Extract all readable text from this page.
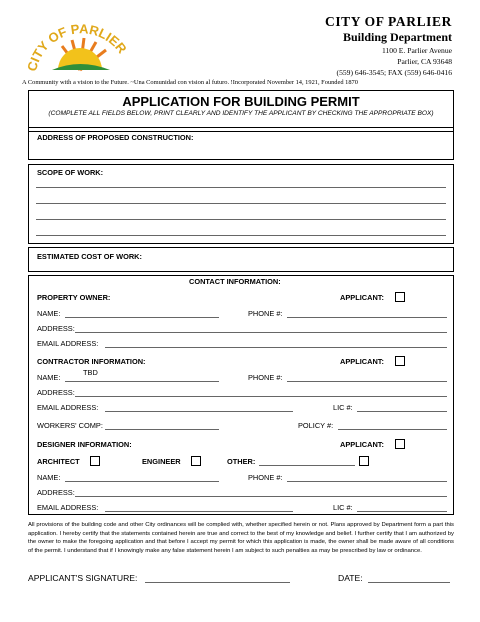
CITY OF PARLIER
CITY OF PARLIER
Building Department
1100 E. Parlier Avenue
Parlier, CA 93648
(559) 646-3545; FAX (559) 646-0416
A Community with a vision to the Future. ~Una Comunidad con vision al futuro. !Incorporated November 14, 1921, Founded 1870
APPLICATION FOR BUILDING PERMIT
(COMPLETE ALL FIELDS BELOW, PRINT CLEARLY AND IDENTIFY THE APPLICANT BY CHECKING THE APPROPRIATE BOX)
ADDRESS OF PROPOSED CONSTRUCTION:
SCOPE OF WORK:
ESTIMATED COST OF WORK:
CONTACT INFORMATION:
PROPERTY OWNER:	APPLICANT:
NAME:	PHONE #:
ADDRESS:
EMAIL ADDRESS:
CONTRACTOR INFORMATION:	APPLICANT:
TBD
NAME:	PHONE #:
ADDRESS:
EMAIL ADDRESS:	LIC #:
WORKERS' COMP:	POLICY #:
DESIGNER INFORMATION:	APPLICANT:
ARCHITECT	ENGINEER	OTHER:
NAME:	PHONE #:
ADDRESS:
EMAIL ADDRESS:	LIC #:
All provisions of the building code and other City ordinances will be complied with, whether specified herein or not. Plans approved by Department form a part this application. I hereby certify that the statements contained herein are true and correct to the best of my knowledge and belief. I further certify that I am authorized by the owner to make the foregoing application and that before I accept my permit for which this application is made, the owner shall be made aware of all conditions of the permit. I understand that if I knowingly make any false statement herein I am subject to such penalties as may be prescribed by law or ordinance.
APPLICANT'S SIGNATURE:	DATE:
